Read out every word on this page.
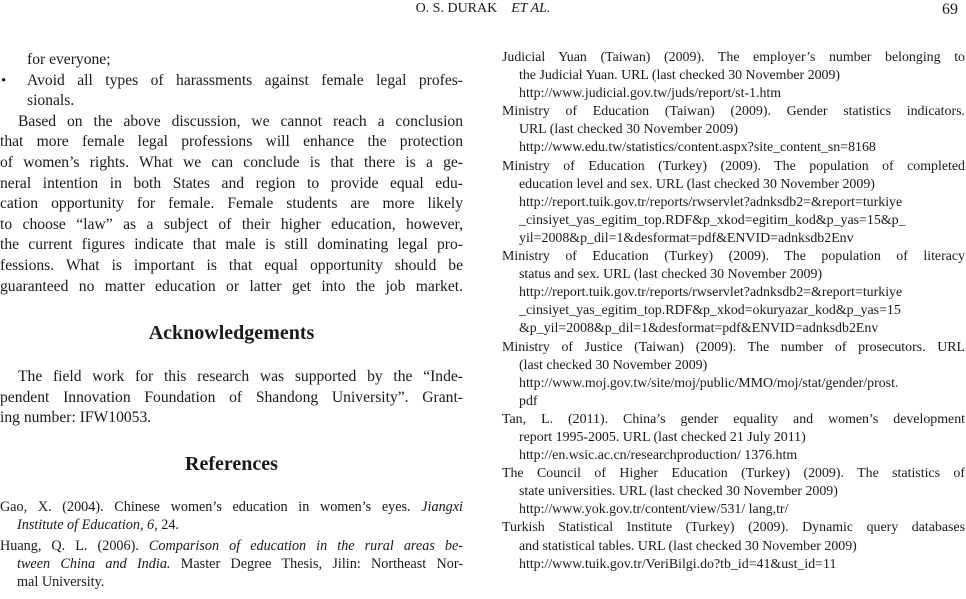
O. S. DURAK ET AL.	69
for everyone;
• Avoid all types of harassments against female legal profes-
sionals.
Based on the above discussion, we cannot reach a conclusion
that more female legal professions will enhance the protection
of women’s rights. What we can conclude is that there is a ge-
neral intention in both States and region to provide equal edu-
cation opportunity for female. Female students are more likely
to choose “law” as a subject of their higher education, however,
the current figures indicate that male is still dominating legal pro-
fessions. What is important is that equal opportunity should be
guaranteed no matter education or latter get into the job market.
Acknowledgements
The field work for this research was supported by the “Inde-
pendent Innovation Foundation of Shandong University”. Grant-
ing number: IFW10053.
References
Gao, X. (2004). Chinese women’s education in women’s eyes. Jiangxi
Institute of Education, 6, 24.
Huang, Q. L. (2006). Comparison of education in the rural areas be-
tween China and India. Master Degree Thesis, Jilin: Northeast Nor-
mal University.
Judicial Yuan (Taiwan) (2009). The employer’s number belonging to
the Judicial Yuan. URL (last checked 30 November 2009)
http://www.judicial.gov.tw/juds/report/st-1.htm
Ministry of Education (Taiwan) (2009). Gender statistics indicators.
URL (last checked 30 November 2009)
http://www.edu.tw/statistics/content.aspx?site_content_sn=8168
Ministry of Education (Turkey) (2009). The population of completed
education level and sex. URL (last checked 30 November 2009)
http://report.tuik.gov.tr/reports/rwservlet?adnksdb2=&report=turkiye
_cinsiyet_yas_egitim_top.RDF&p_xkod=egitim_kod&p_yas=15&p_
yil=2008&p_dil=1&desformat=pdf&ENVID=adnksdb2Env
Ministry of Education (Turkey) (2009). The population of literacy
status and sex. URL (last checked 30 November 2009)
http://report.tuik.gov.tr/reports/rwservlet?adnksdb2=&report=turkiye
_cinsiyet_yas_egitim_top.RDF&p_xkod=okuryazar_kod&p_yas=15
&p_yil=2008&p_dil=1&desformat=pdf&ENVID=adnksdb2Env
Ministry of Justice (Taiwan) (2009). The number of prosecutors. URL
(last checked 30 November 2009)
http://www.moj.gov.tw/site/moj/public/MMO/moj/stat/gender/prost.
pdf
Tan, L. (2011). China’s gender equality and women’s development
report 1995-2005. URL (last checked 21 July 2011)
http://en.wsic.ac.cn/researchproduction/ 1376.htm
The Council of Higher Education (Turkey) (2009). The statistics of
state universities. URL (last checked 30 November 2009)
http://www.yok.gov.tr/content/view/531/ lang,tr/
Turkish Statistical Institute (Turkey) (2009). Dynamic query databases
and statistical tables. URL (last checked 30 November 2009)
http://www.tuik.gov.tr/VeriBilgi.do?tb_id=41&ust_id=11
